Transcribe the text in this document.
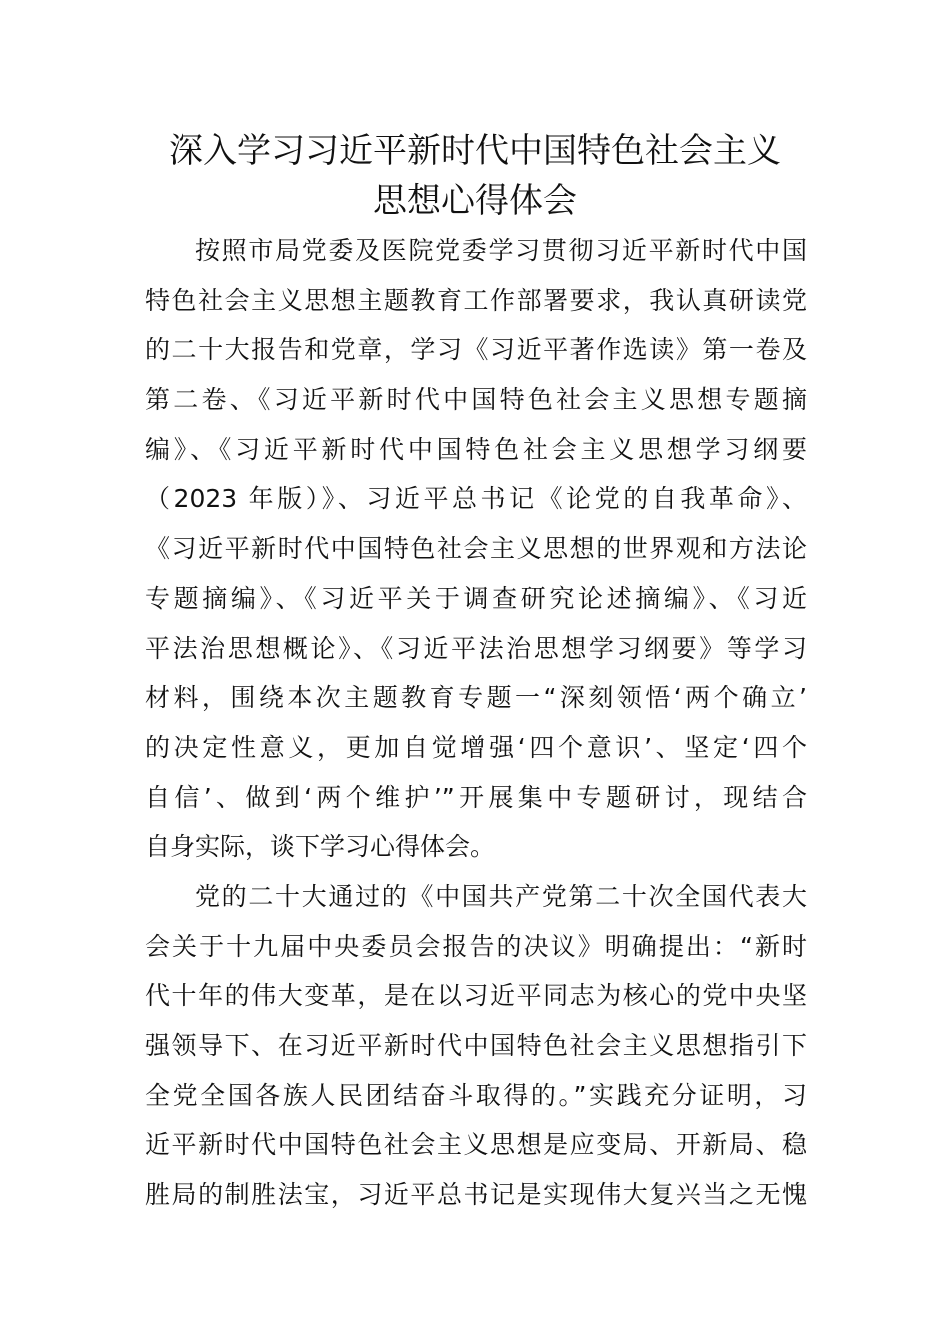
深入学习习近平新时代中国特色社会主义
思想心得体会
按照市局党委及医院党委学习贯彻习近平新时代中国
特色社会主义思想主题教育工作部署要求，我认真研读党
的二十大报告和党章，学习《习近平著作选读》第一卷及
第二卷、《习近平新时代中国特色社会主义思想专题摘
编》、《习近平新时代中国特色社会主义思想学习纲要
（2023 年版）》、习近平总书记《论党的自我革命》、
《习近平新时代中国特色社会主义思想的世界观和方法论
专题摘编》、《习近平关于调查研究论述摘编》、《习近
平法治思想概论》、《习近平法治思想学习纲要》等学习
材料，围绕本次主题教育专题一“深刻领悟‘两个确立’
的决定性意义，更加自觉增强‘四个意识’、坚定‘四个
自信’、做到‘两个维护’”开展集中专题研讨，现结合
自身实际，谈下学习心得体会。
党的二十大通过的《中国共产党第二十次全国代表大
会关于十九届中央委员会报告的决议》明确提出：“新时
代十年的伟大变革，是在以习近平同志为核心的党中央坚
强领导下、在习近平新时代中国特色社会主义思想指引下
全党全国各族人民团结奋斗取得的。”实践充分证明，习
近平新时代中国特色社会主义思想是应变局、开新局、稳
胜局的制胜法宝，习近平总书记是实现伟大复兴当之无愧
